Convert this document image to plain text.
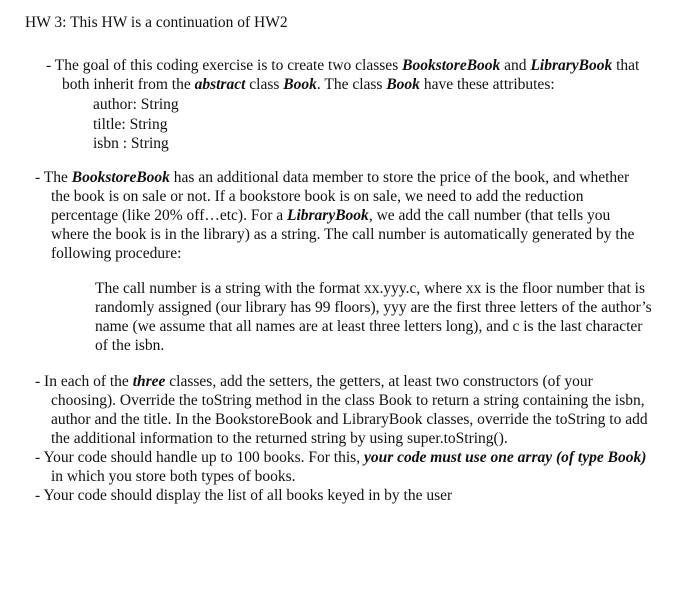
HW 3: This HW is a continuation of HW2
- The goal of this coding exercise is to create two classes BookstoreBook and LibraryBook that
both inherit from the abstract class Book. The class Book have these attributes:
author: String
tiltle: String
isbn : String
- The BookstoreBook has an additional data member to store the price of the book, and whether
the book is on sale or not. If a bookstore book is on sale, we need to add the reduction
percentage (like 20% off…etc). For a LibraryBook, we add the call number (that tells you
where the book is in the library) as a string. The call number is automatically generated by the
following procedure:
The call number is a string with the format xx.yyy.c, where xx is the floor number that is
randomly assigned (our library has 99 floors), yyy are the first three letters of the author’s
name (we assume that all names are at least three letters long), and c is the last character
of the isbn.
- In each of the three classes, add the setters, the getters, at least two constructors (of your
choosing). Override the toString method in the class Book to return a string containing the isbn,
author and the title. In the BookstoreBook and LibraryBook classes, override the toString to add
the additional information to the returned string by using super.toString().
- Your code should handle up to 100 books. For this, your code must use one array (of type Book)
in which you store both types of books.
- Your code should display the list of all books keyed in by the user
